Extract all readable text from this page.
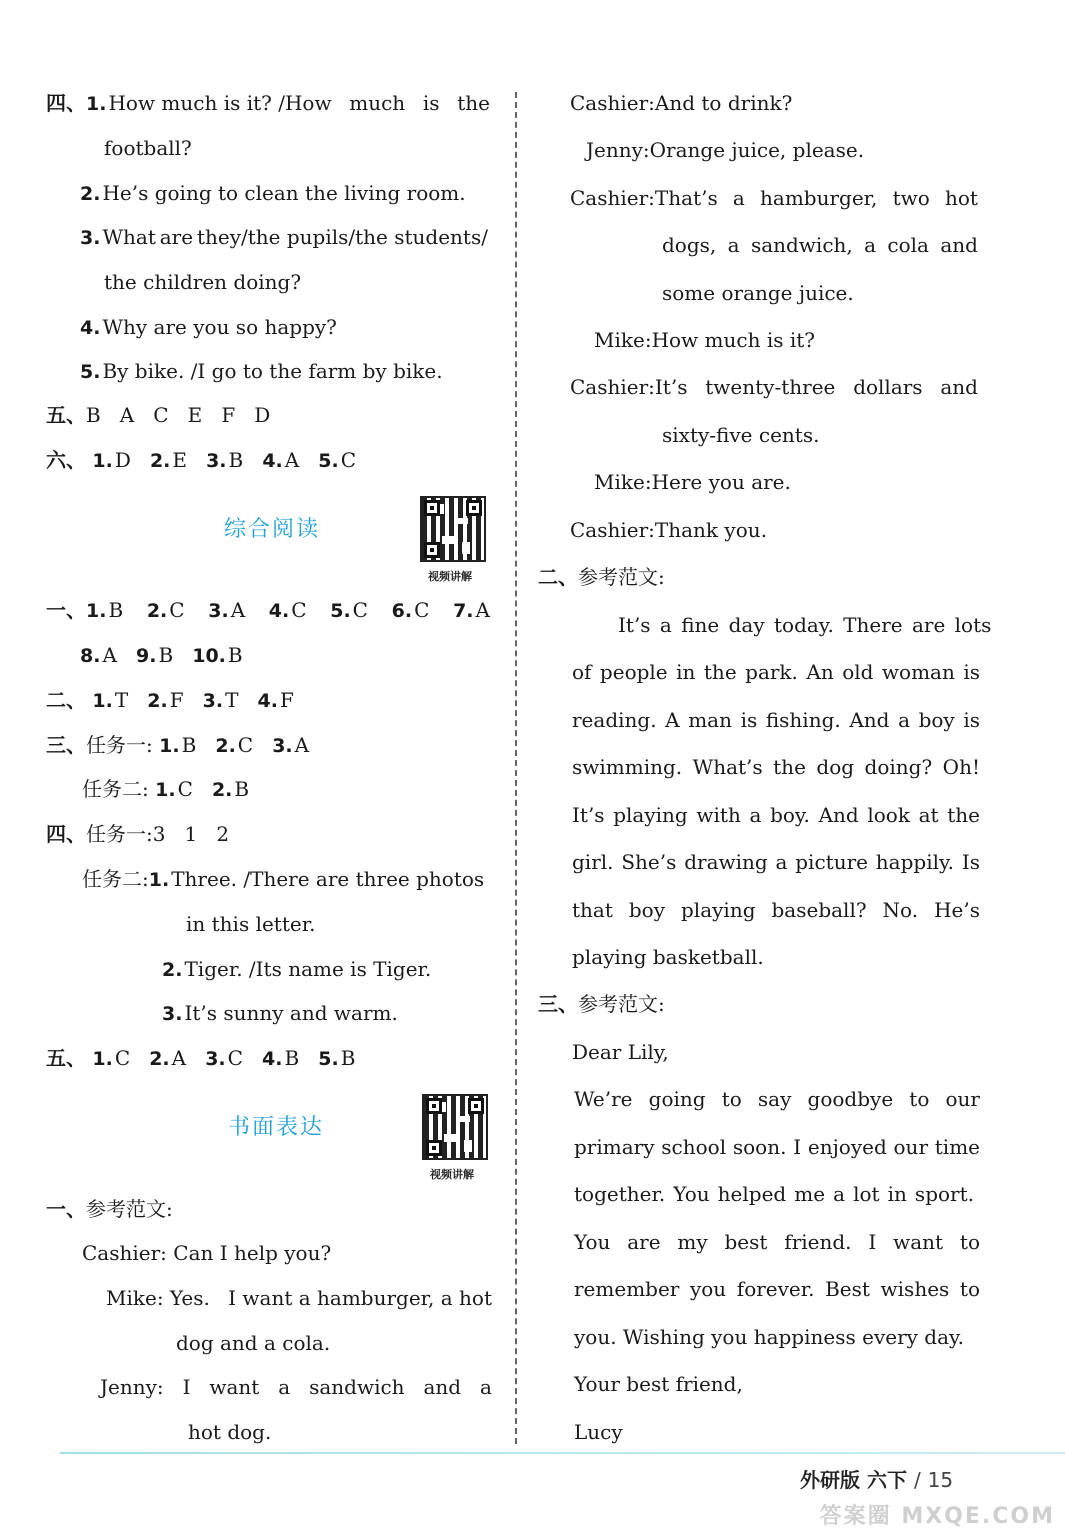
四、1. How much is it? /How much is the
football?
2. He’s going to clean the living room.
3. What are they/the pupils/the students/
the children doing?
4. Why are you so happy?
5. By bike. /I go to the farm by bike.
五、B   A   C   E   F   D
六、 1. D 2. E 3. B 4. A 5. C
综合阅读
视频讲解
一、1. B 2. C 3. A 4. C 5. C 6. C 7. A
8. A 9. B 10. B
二、 1. T 2. F 3. T 4. F
三、任务一: 1. B 2. C 3. A
任务二: 1. C 2. B
四、任务一:3   1   2
任务二:1. Three. /There are three photos
in this letter.
2. Tiger. /Its name is Tiger.
3. It’s sunny and warm.
五、 1. C 2. A 3. C 4. B 5. B
书面表达
视频讲解
一、参考范文:
Cashier: Can I help you?
Mike: Yes. I want a hamburger, a hot
dog and a cola.
Jenny: I want a sandwich and a
hot dog.
Cashier:And to drink?
Jenny:Orange juice, please.
Cashier:That’s a hamburger, two hot
dogs, a sandwich, a cola and
some orange juice.
Mike:How much is it?
Cashier:It’s twenty-three dollars and
sixty-five cents.
Mike:Here you are.
Cashier:Thank you.
二、参考范文:
It’s a fine day today. There are lots
of people in the park. An old woman is
reading. A man is fishing. And a boy is
swimming. What’s the dog doing? Oh!
It’s playing with a boy. And look at the
girl. She’s drawing a picture happily. Is
that boy playing baseball? No. He’s
playing basketball.
三、参考范文:
Dear Lily,
We’re going to say goodbye to our
primary school soon. I enjoyed our time
together. You helped me a lot in sport.
You are my best friend. I want to
remember you forever. Best wishes to
you. Wishing you happiness every day.
Your best friend,
Lucy
外研版 六下 / 15
答案圈 MXQE.COM
